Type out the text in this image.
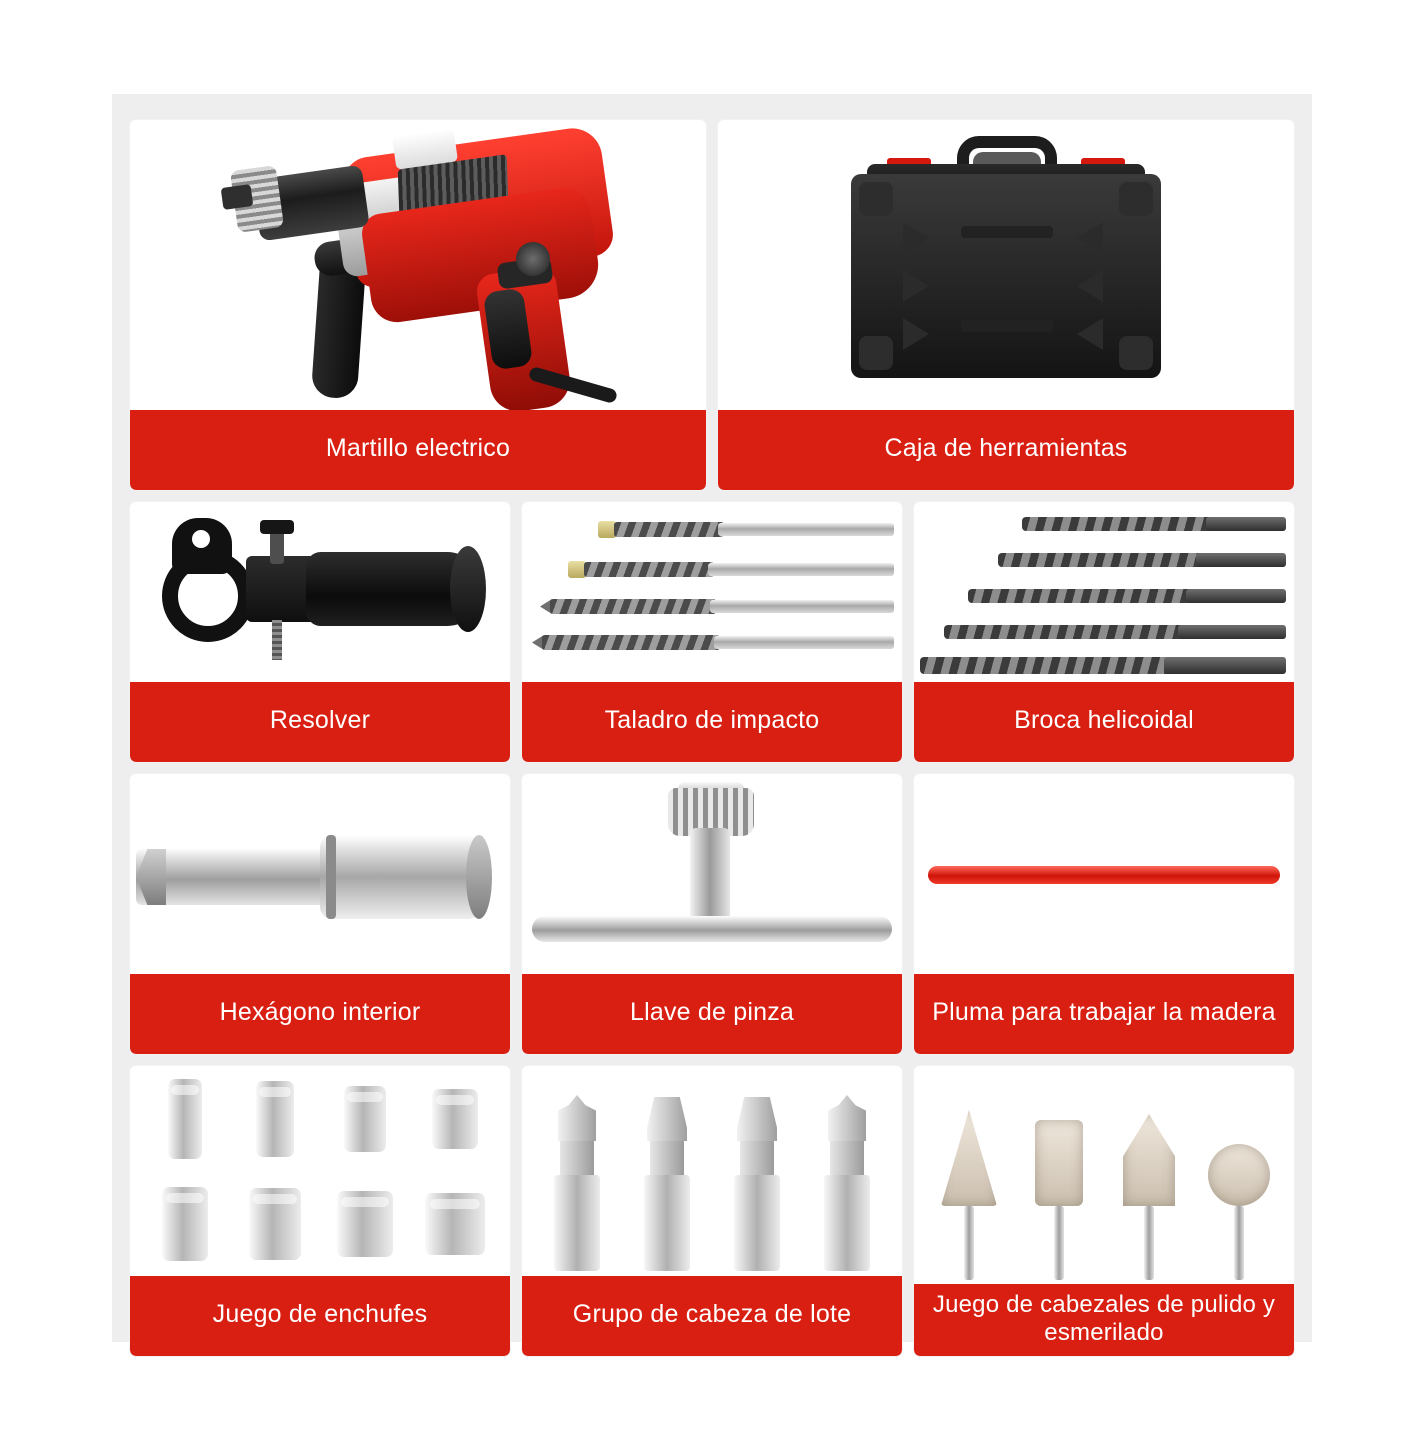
Martillo electrico	Caja de herramientas
Resolver	Taladro de impacto	Broca helicoidal
Hexágono interior	Llave de pinza	Pluma para trabajar la madera
Juego de enchufes	Grupo de cabeza de lote	Juego de cabezales de pulido y esmerilado
